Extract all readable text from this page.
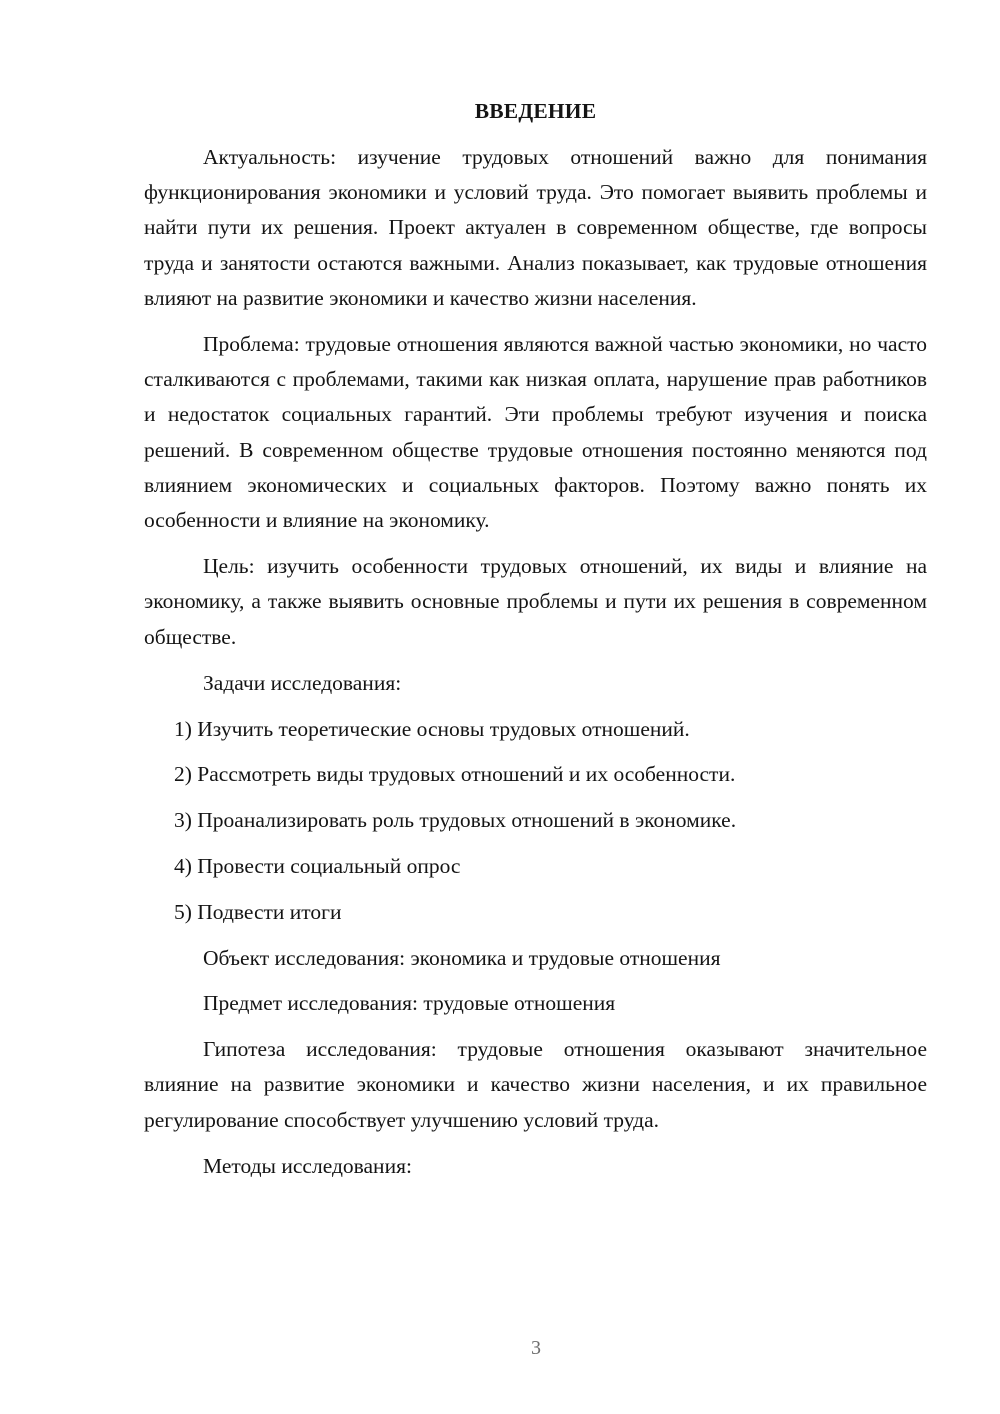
ВВЕДЕНИЕ

Актуальность: изучение трудовых отношений важно для понимания функционирования экономики и условий труда. Это помогает выявить проблемы и найти пути их решения. Проект актуален в современном обществе, где вопросы труда и занятости остаются важными. Анализ показывает, как трудовые отношения влияют на развитие экономики и качество жизни населения.

Проблема: трудовые отношения являются важной частью экономики, но часто сталкиваются с проблемами, такими как низкая оплата, нарушение прав работников и недостаток социальных гарантий. Эти проблемы требуют изучения и поиска решений. В современном обществе трудовые отношения постоянно меняются под влиянием экономических и социальных факторов. Поэтому важно понять их особенности и влияние на экономику.

Цель: изучить особенности трудовых отношений, их виды и влияние на экономику, а также выявить основные проблемы и пути их решения в современном обществе.

Задачи исследования:
1) Изучить теоретические основы трудовых отношений.
2) Рассмотреть виды трудовых отношений и их особенности.
3) Проанализировать роль трудовых отношений в экономике.
4) Провести социальный опрос
5) Подвести итоги
Объект исследования: экономика и трудовые отношения
Предмет исследования: трудовые отношения

Гипотеза исследования: трудовые отношения оказывают значительное влияние на развитие экономики и качество жизни населения, и их правильное регулирование способствует улучшению условий труда.

Методы исследования:
3
